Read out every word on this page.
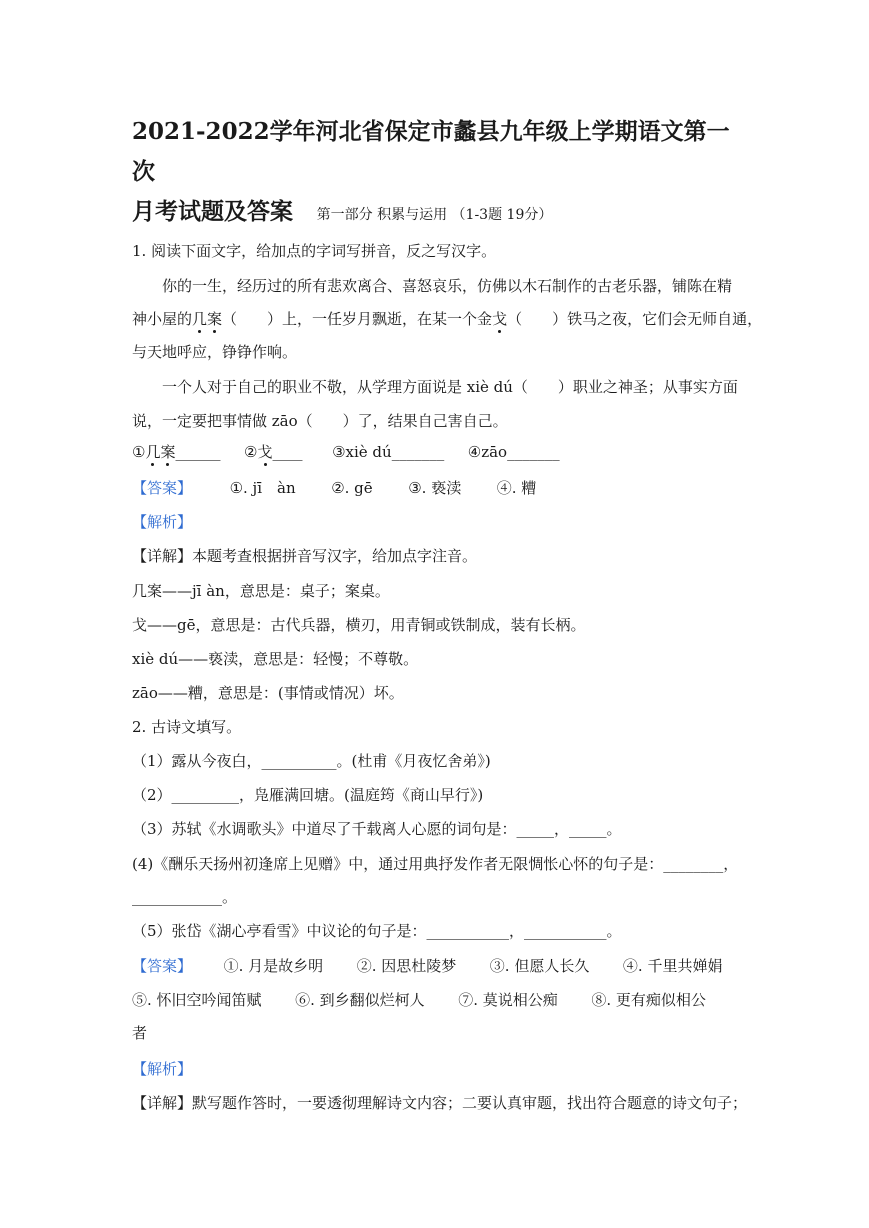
2021-2022学年河北省保定市蠡县九年级上学期语文第一次
月考试题及答案	第一部分 积累与运用 （1-3题 19分）

1. 阅读下面文字，给加点的字词写拼音，反之写汉字。

你的一生，经历过的所有悲欢离合、喜怒哀乐，仿佛以木石制作的古老乐器，铺陈在精

神小屋的几案（　　）上，一任岁月飘逝，在某一个金戈（　　）铁马之夜，它们会无师自通，

与天地呼应，铮铮作响。

一个人对于自己的职业不敬，从学理方面说是 xiè dú（　　）职业之神圣；从事实方面

说，一定要把事情做 zāo（　　）了，结果自己害自己。

①几案______ ②戈____ ③xiè dú_______ ④zāo_______

【答案】	①. jī　àn ②. gē ③. 亵渎 ④. 糟

【解析】

【详解】本题考查根据拼音写汉字，给加点字注音。

几案——jī àn，意思是：桌子；案桌。

戈——gē，意思是：古代兵器，横刃，用青铜或铁制成，装有长柄。

xiè dú——亵渎，意思是：轻慢；不尊敬。

zāo——糟，意思是：(事情或情况）坏。

2. 古诗文填写。

（1）露从今夜白，__________。(杜甫《月夜忆舍弟》)

（2）_________，凫雁满回塘。(温庭筠《商山早行》)

（3）苏轼《水调歌头》中道尽了千载离人心愿的词句是：_____，_____。

(4)《酬乐天扬州初逢席上见赠》中，通过用典抒发作者无限惆怅心怀的句子是：________，

____________。

（5）张岱《湖心亭看雪》中议论的句子是：___________，___________。

【答案】 ①. 月是故乡明 ②. 因思杜陵梦 ③. 但愿人长久 ④. 千里共婵娟

⑤. 怀旧空吟闻笛赋 ⑥. 到乡翻似烂柯人 ⑦. 莫说相公痴 ⑧. 更有痴似相公

者

【解析】

【详解】默写题作答时，一要透彻理解诗文内容；二要认真审题，找出符合题意的诗文句子；
